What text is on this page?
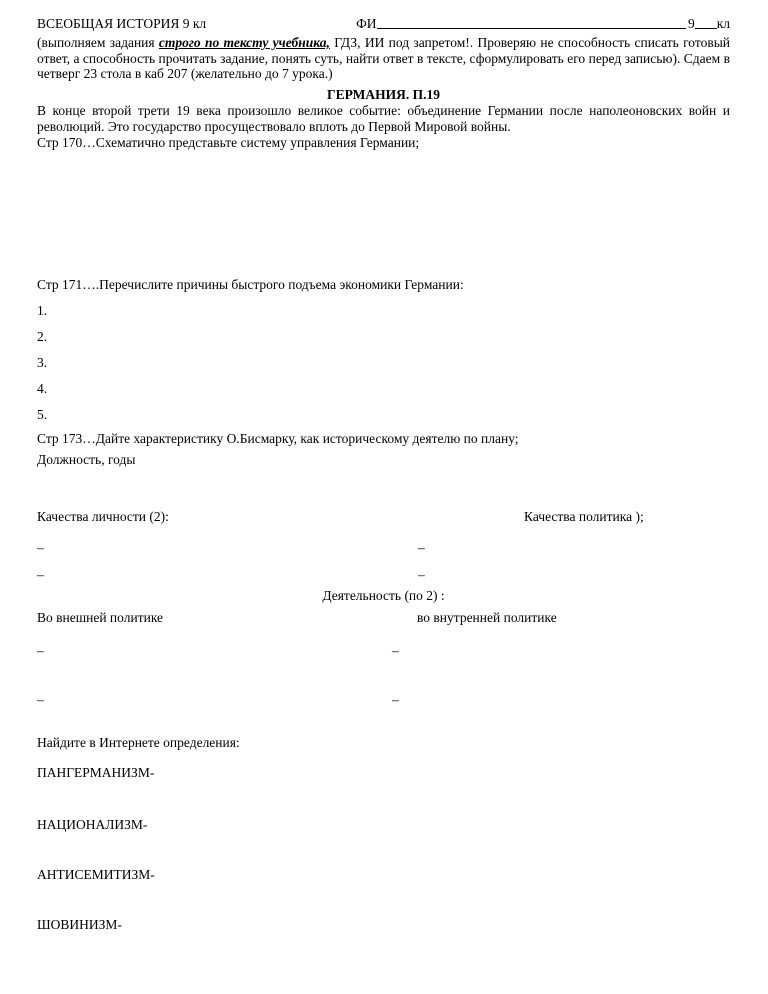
ВСЕОБЩАЯ ИСТОРИЯ 9 кл	ФИ	9 кл

(выполняем задания строго по тексту учебника, ГДЗ, ИИ под запретом!. Проверяю не способность списать готовый ответ, а способность прочитать задание, понять суть, найти ответ в тексте, сформулировать его перед записью). Сдаем в четверг 23 стола в каб 207 (желательно до 7 урока.)

ГЕРМАНИЯ. П.19

В конце второй трети 19 века произошло великое событие: объединение Германии после наполеоновских войн и революций. Это государство просуществовало вплоть до Первой Мировой войны.

Стр 170…Схематично представьте систему управления Германии;
Стр 171….Перечислите причины быстрого подъема экономики Германии:
1.
2.
3.
4.
5.
Стр 173…Дайте характеристику О.Бисмарку, как историческому деятелю по плану;
Должность, годы
Качества личности (2):	Качества политика );
–	–
–	–
Деятельность (по 2) :
Во внешней политике	во внутренней политике
–	–
–	–
Найдите в Интернете определения:
ПАНГЕРМАНИЗМ-
НАЦИОНАЛИЗМ-
АНТИСЕМИТИЗМ-
ШОВИНИЗМ-
